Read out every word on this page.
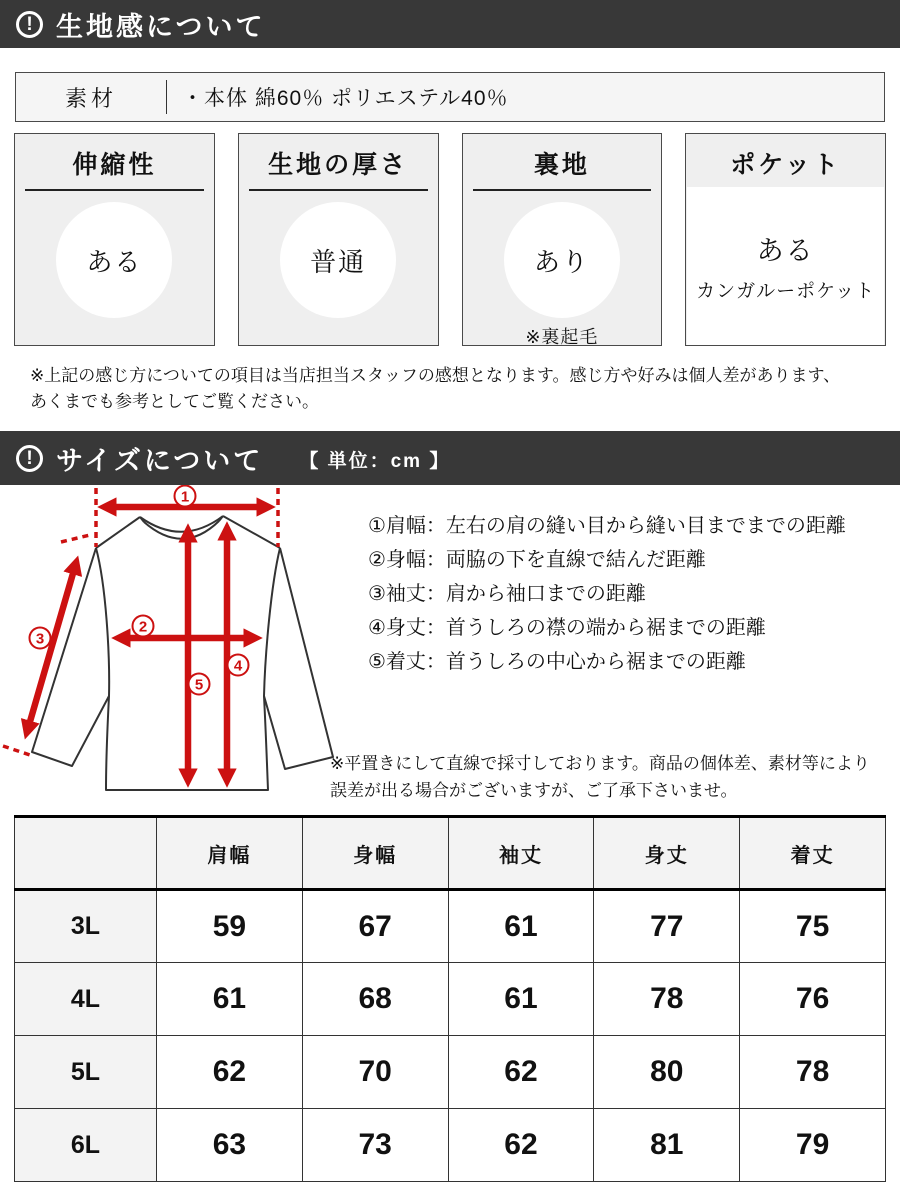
! 生地感について
素材	・本体 綿60％ ポリエステル40％
伸縮性
ある
生地の厚さ
普通
裏地
あり
※裏起毛
ポケット
ある
カンガルーポケット
※上記の感じ方についての項目は当店担当スタッフの感想となります。感じ方や好みは個人差があります、
あくまでも参考としてご覧ください。
! サイズについて 【 単位：cm 】
1
2
3
4
5
①肩幅：左右の肩の縫い目から縫い目までまでの距離
②身幅：両脇の下を直線で結んだ距離
③袖丈：肩から袖口までの距離
④身丈：首うしろの襟の端から裾までの距離
⑤着丈：首うしろの中心から裾までの距離
※平置きにして直線で採寸しております。商品の個体差、素材等により
誤差が出る場合がございますが、ご了承下さいませ。
	肩幅	身幅	袖丈	身丈	着丈
3L	59	67	61	77	75
4L	61	68	61	78	76
5L	62	70	62	80	78
6L	63	73	62	81	79
